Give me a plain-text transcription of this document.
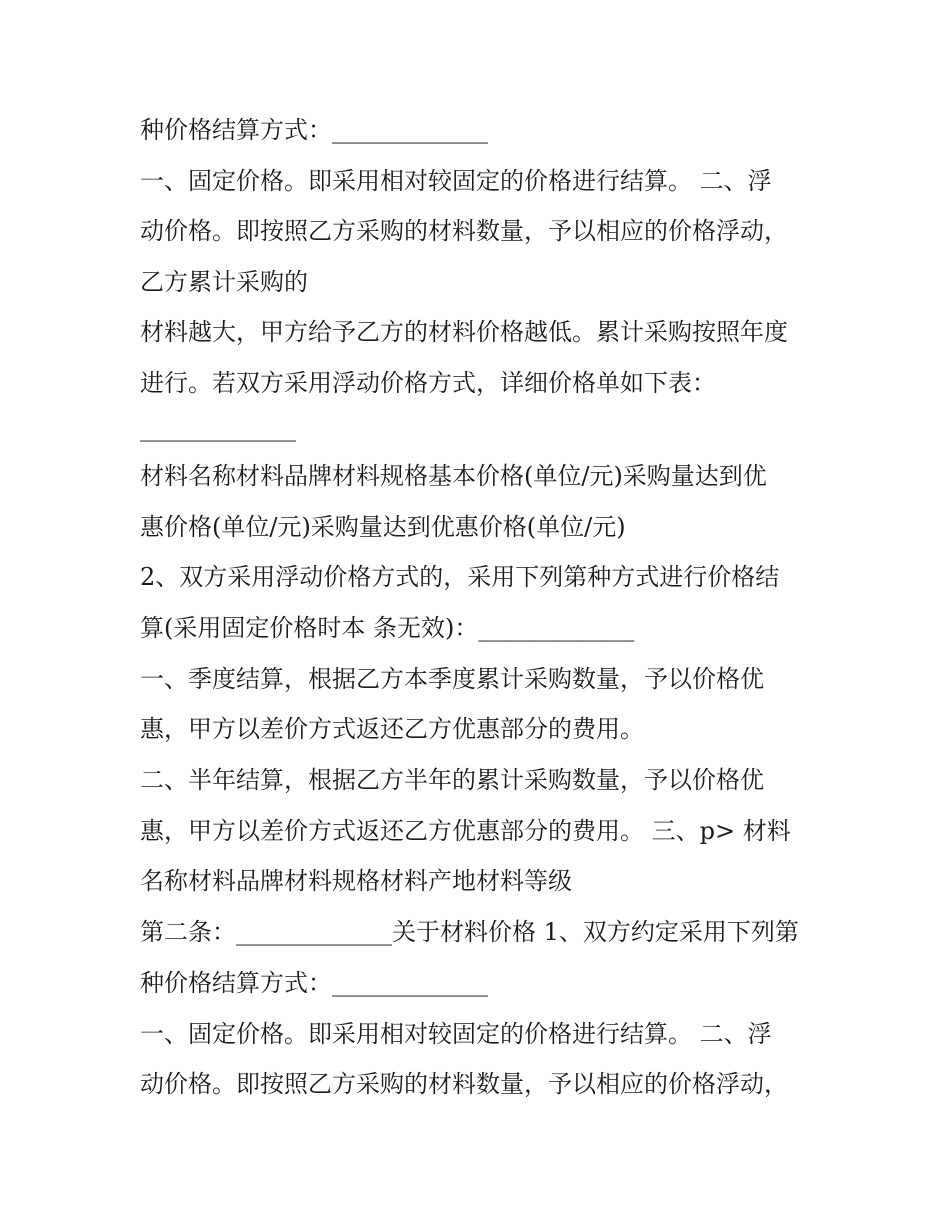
种价格结算方式：_____________
一、固定价格。即采用相对较固定的价格进行结算。 二、浮
动价格。即按照乙方采购的材料数量，予以相应的价格浮动，
乙方累计采购的
材料越大，甲方给予乙方的材料价格越低。累计采购按照年度
进行。若双方采用浮动价格方式，详细价格单如下表：
_____________
材料名称材料品牌材料规格基本价格(单位/元)采购量达到优
惠价格(单位/元)采购量达到优惠价格(单位/元)
2、双方采用浮动价格方式的，采用下列第种方式进行价格结
算(采用固定价格时本 条无效)：_____________
一、季度结算，根据乙方本季度累计采购数量，予以价格优
惠，甲方以差价方式返还乙方优惠部分的费用。
二、半年结算，根据乙方半年的累计采购数量，予以价格优
惠，甲方以差价方式返还乙方优惠部分的费用。 三、p> 材料
名称材料品牌材料规格材料产地材料等级
第二条：_____________关于材料价格 1、双方约定采用下列第
种价格结算方式：_____________
一、固定价格。即采用相对较固定的价格进行结算。 二、浮
动价格。即按照乙方采购的材料数量，予以相应的价格浮动，
